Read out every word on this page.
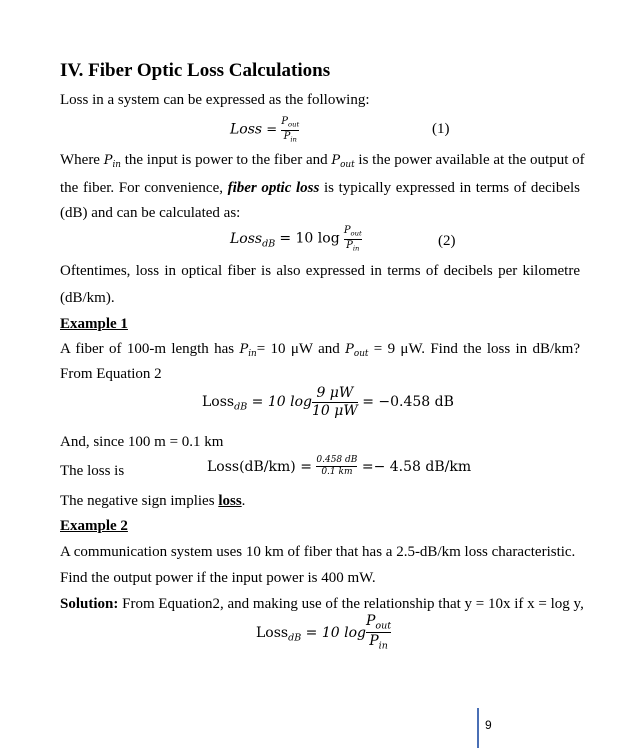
IV. Fiber Optic Loss Calculations
Loss in a system can be expressed as the following:
Loss = $\frac{P_{out}}{P_{in}}$	(1)
Where $P_{in}$ the input is power to the fiber and $P_{out}$ is the power available at the output of
the fiber. For convenience, fiber optic loss is typically expressed in terms of decibels
(dB) and can be calculated as:
Loss$_{dB}$ = 10 $\log \frac{P_{out}}{P_{in}}$	(2)
Oftentimes, loss in optical fiber is also expressed in terms of decibels per kilometre
(dB/km).
Example 1
A fiber of 100-m length has $P_{in}= 10$ μW and $P_{out} = 9$ μW. Find the loss in dB/km?
From Equation 2
Loss$_{dB}$ = 10 $\log \frac{9 \mu W}{10 \mu W} = -0.458$ dB
And, since 100 m = 0.1 km
The loss is	Loss(dB/km) = $\frac{0.458 dB}{0.1 km} =- 4.58$ dB/km
The negative sign implies loss.
Example 2
A communication system uses 10 km of fiber that has a 2.5-dB/km loss characteristic.
Find the output power if the input power is 400 mW.
Solution: From Equation2, and making use of the relationship that y = 10x if x = log y,
Loss$_{dB}$ = 10 $\log \frac{P_{out}}{P_{in}}$
9
